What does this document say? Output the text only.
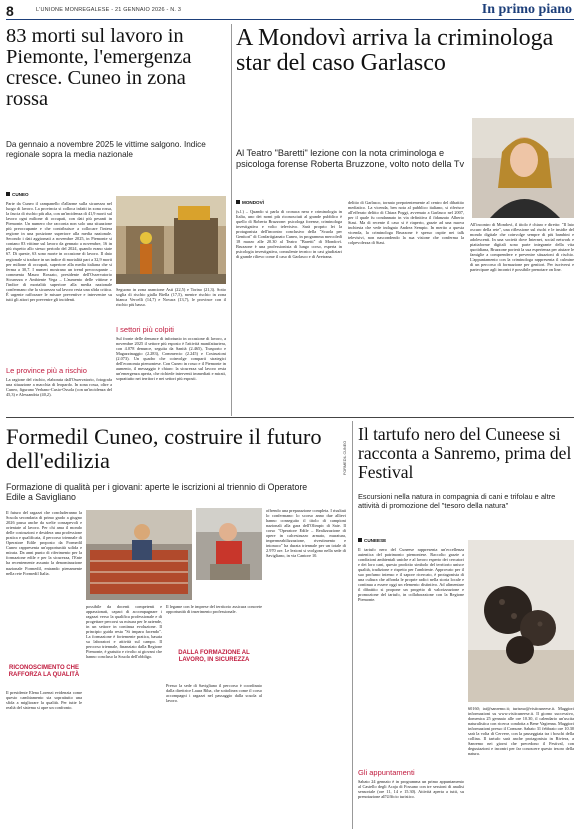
8	L'UNIONE MONREGALESE - 21 GENNAIO 2026 - N. 3	In primo piano
83 morti sul lavoro in Piemonte, l'emergenza cresce. Cuneo in zona rossa
Da gennaio a novembre 2025 le vittime salgono. Indice regionale sopra la media nazionale
CUNEO
Parte da Cuneo il campanello d'allarme sulla sicurezza nel luogo di lavoro. La provincia si colloca infatti in zona rossa, la fascia di rischio più alta, con un'incidenza di 41,9 morti sul lavoro ogni milione di occupati, con dati più pesanti in Piemonte. Un numero che racconta non solo una situazione più preoccupante e che contribuisce a collocare l'intera regione in una posizione superiore alla media nazionale. Secondo i dati aggiornati a novembre 2025, in Piemonte si contano 83 vittime sul lavoro da gennaio a novembre, 16 in più rispetto allo stesso periodo del 2024, quando erano state 67. Di queste, 63 sono morte in occasione di lavoro. Il dato regionale si traduce in un indice di mortalità pari a 32,9 morti per milione di occupati, superiore alla media italiana che si ferma a 30,7. I numeri mostrano un trend preoccupante – commenta Mauro Rossato, presidente dell'Osservatorio Sicurezza e Ambiente Vega – L'aumento delle vittime e l'indice di mortalità superiore alla media nazionale confermano che la sicurezza sul lavoro resta una sfida critica. È urgente rafforzare le misure preventive e intervenire su tutti gli attori per prevenire gli incidenti.
Le province più a rischio
La ragione del rischio, elaborata dall'Osservatorio, fotografa una situazione a macchia di leopardo. In zona rossa, oltre a Cuneo, figurano Verbano-Cusio-Ossola (con un'incidenza del 45,3) e Alessandria (40,2).
Seguono in zona arancione Asti (22,5) e Torino (21,3). Sotto soglia di rischio gialla Biella (17,5), mentre rischio in zona bianca Vercelli (14,7) e Novara (13,7), le province con il rischio più basso.
I settori più colpiti
Sul fronte delle denunce di infortunio in occasione di lavoro, a novembre 2025 il settore più esposto è l'attività manifatturiera, con 4.078 denunce, seguita da Sanità (2.465), Trasporto e Magazzinaggio (2.283), Commercio (2.245) e Costruzioni (2.073). Un quadro che coinvolge comparti strategici dell'economia piemontese. Con Cuneo in rosso e il Piemonte in aumento, il messaggio è chiaro: la sicurezza sul lavoro resta un'emergenza aperta, che richiede interventi immediati e mirati, soprattutto nei territori e nei settori più esposti.
A Mondovì arriva la criminologa star del caso Garlasco
Al Teatro "Baretti" lezione con la nota criminologa e psicologa forense Roberta Bruzzone, volto noto della Tv
MONDOVÌ
(s.l.) – Quando si parla di cronaca nera e criminologia in Italia, uno dei nomi più riconosciuti al grande pubblico è quello di Roberta Bruzzone: psicologa forense, criminologa investigativa e volto televisivo. Sarà proprio lei la protagonista dell'incontro conclusivo della "Scuola per Genitori" di Confartigianato Cuneo, in programma mercoledì 18 marzo alle 20.30 al Teatro "Baretti" di Mondovì. Bruzzone è una professionista di lungo corso, esperta in psicologia investigativa, consulente tecnico in casi giudiziari di grande rilievo come il caso di Garlasco e di Avetrana.
delitto di Garlasco, tornato prepotentemente al centro del dibattito mediatico. La vicenda, ben nota al pubblico italiano, si riferisce all'efferato delitto di Chiara Poggi, avvenuto a Garlasco nel 2007, per il quale fu condannato in via definitiva il fidanzato Alberto Stasi. Ma di recente il caso si è riaperto, grazie ad una nuova inchiesta che vede indagato Andrea Sempio. In merito a questa vicenda, la criminologa Bruzzone è spesso ospite nei talk televisivi, non nascondendo la sua visione che conferma la colpevolezza di Stasi.
All'incontro di Mondovì, il titolo è chiaro e diretto: "Il lato oscuro della rete", una riflessione sul rischi e le insidie del mondo digitale che coinvolge sempre di più bambini e adolescenti. In una società dove Internet, social network e piattaforme digitali sono parte integrante della vita quotidiana, Bruzzone porterà la sua esperienza per aiutare le famiglie a comprendere e prevenire situazioni di rischio. L'appuntamento con la criminologa rappresenta il culmine di un percorso di formazione per genitori. Per iscriversi e partecipare agli incontri è possibile prenotare on line.
Formedil Cuneo, costruire il futuro dell'edilizia
Formazione di qualità per i giovani: aperte le iscrizioni al triennio di Operatore Edile a Savigliano
FORMEDIL CUNEO
Il futuro del ragazzi che concluderanno la Scuola secondaria di primo grado a giugno 2026 passa anche da scelte consapevoli e orientate al lavoro. Per chi ama il mondo delle costruzioni e desidera una professione pratica e qualificata, il percorso triennale di Operatore Edile proposto da Formedil Cuneo rappresenta un'opportunità solida e mirata. Da anni punto di riferimento per la formazione edile e per la sicurezza, l'Ente ha recentemente assunto la denominazione nazionale Formedil, entrando pienamente nella rete Formedil Italia.
RICONOSCIMENTO CHE RAFFORZA LA QUALITÀ
Il presidente Elena Lorenzi evidenzia come questo cambiamento sia soprattutto una sfida a migliorare la qualità. Per tutte le realtà del sistema si apre un confronto.
possibile da docenti competenti e appassionati, capaci di accompagnare i ragazzi verso la qualifica professionale e di progettare percorsi su misura per le aziende, in un settore in continua evoluzione. Il principio guida resta "Si impara facendo". La formazione è fortemente pratica, basata su laboratori e attività sul campo. Il percorso triennale, finanziato dalla Regione Piemonte, è gratuito e rivolto ai giovani che hanno concluso la Scuola dell'obbligo.
Il legame con le imprese del territorio assicura concrete opportunità di inserimento professionale.
DALLA FORMAZIONE AL LAVORO, IN SICUREZZA
Presso la sede di Savigliano il percorso è coordinato dalla direttrice Laura Riba, che sottolinea come il corso accompagni i ragazzi nel passaggio dalla scuola al lavoro.
offrendo una preparazione completa. I risultati lo confermano: lo scorso anno due allievi hanno conseguito il titolo di campioni nazionali alla gara dell'Olimpic di Saie. Il corso "Operatore Edile – Realizzazione di opere in calcestruzzo armato, muratura, impermeabilizzazione, rivestimento e intonaco" ha durata triennale per un totale di 2.970 ore. Le lezioni si svolgono nella sede di Savigliano, in via Cantore 10.
Il tartufo nero del Cuneese si racconta a Sanremo, prima del Festival
Escursioni nella natura in compagnia di cani e trifolau e altre attività di promozione del "tesoro della natura"
CUNEESE
Il tartufo nero del Cuneese rappresenta un'eccellenza autentica del patrimonio piemontese. Raccolto grazie a condizioni ambientali uniche e al lavoro esperto dei cercatori e dei loro cani, questo prodotto simbolo del territorio unisce qualità, tradizione e rispetto per l'ambiente. Approvato per il suo profumo intenso e il sapore ricercato, è protagonista di una cultura che affonda le proprie radici nella storia locale e continua a essere oggi un elemento distintivo. Ad alimentare il dibattito si propone un progetto di valorizzazione e promozione del tartufo, in collaborazione con la Regione Piemonte.
Gli appuntamenti
Sabato 24 gennaio è in programma un primo appuntamento al Castello degli Acaja di Fossano con tre sessioni di analisi sensoriale (ore 11, 14 e 15.30). Attività aperta a tutti, su prenotazione all'Ufficio turistico.
60160; iat@sanremo.it; turismo@visitcuneese.it. Maggiori informazioni su www.visitcuneese.it. Il giorno successivo, domenica 25 gennaio alle ore 10.30, il calendario un'uscita naturalistica con ricerca condotta a Bene Vagienna. Maggiori informazioni presso il Comune. Sabato 31 febbraio ore 10.30 sarà la volta di Cervere, con la passeggiata tra i boschi della collina. Il tartufo sarà anche protagonista in Riviera, a Sanremo nei giorni che precedono il Festival, con degustazioni e incontri per far conoscere questo tesoro della natura.
